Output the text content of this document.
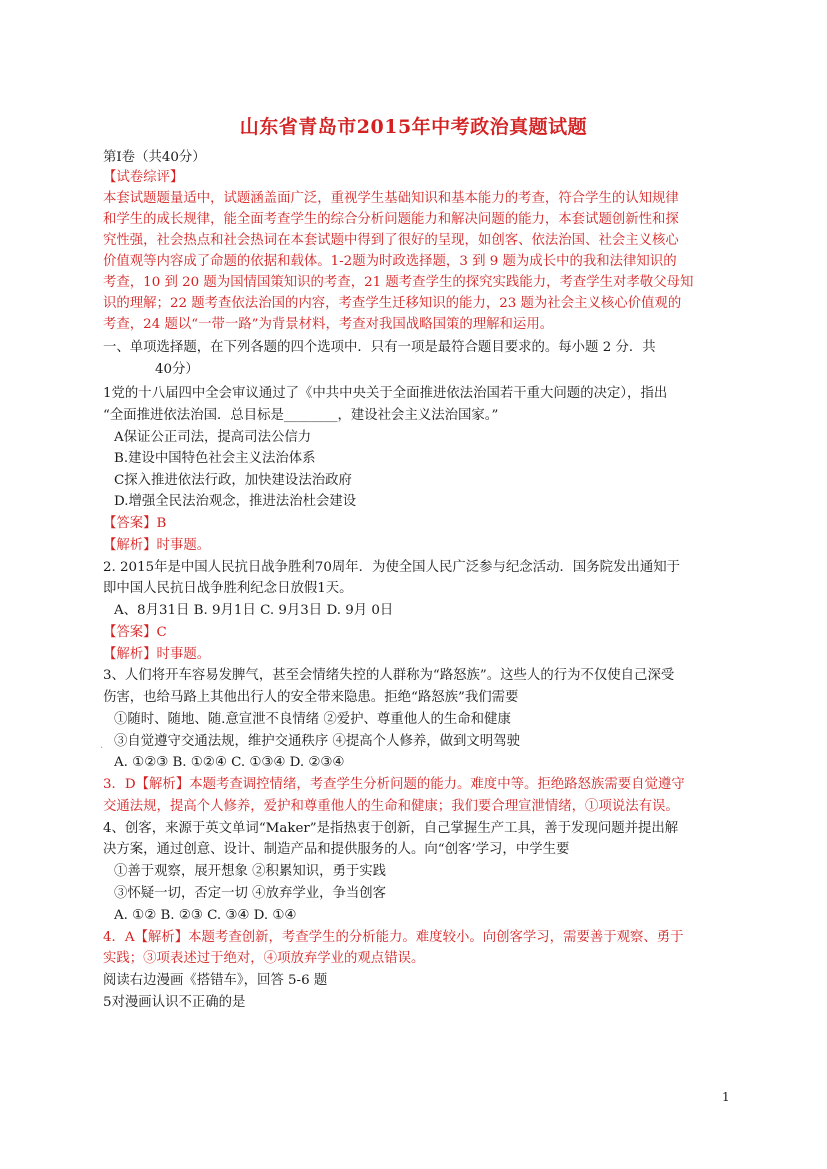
山东省青岛市2015年中考政治真题试题
第Ⅰ卷（共40分）
【试卷综评】
本套试题题量适中，试题涵盖面广泛，重视学生基础知识和基本能力的考查，符合学生的认知规律
和学生的成长规律，能全面考查学生的综合分析问题能力和解决问题的能力，本套试题创新性和探
究性强，社会热点和社会热词在本套试题中得到了很好的呈现，如创客、依法治国、社会主义核心
价值观等内容成了命题的依据和载体。1-2题为时政选择题，3 到 9 题为成长中的我和法律知识的
考查，10 到 20 题为国情国策知识的考查，21 题考查学生的探究实践能力，考查学生对孝敬父母知
识的理解；22 题考查依法治国的内容，考查学生迁移知识的能力，23 题为社会主义核心价值观的
考查，24 题以“一带一路”为背景材料，考查对我国战略国策的理解和运用。
一、单项选择题，在下列各题的四个选项中．只有一项是最符合题目要求的。每小题 2 分．共
40分）
1党的十八届四中全会审议通过了《中共中央关于全面推进依法治国若干重大问题的决定），指出
“全面推进依法治国．总目标是________，建设社会主义法治国家。”
A保证公正司法，提高司法公信力
B.建设中国特色社会主义法治体系
C探入推进依法行政，加快建设法治政府
D.增强全民法治观念，推进法治杜会建设
【答案】B
【解析】时事题。
2. 2015年是中国人民抗日战争胜利70周年．为使全国人民广泛参与纪念活动．国务院发出通知于
即中国人民抗日战争胜利纪念日放假1天。
A、8月31日 B. 9月1日 C. 9月3日 D. 9月 0日
【答案】C
【解析】时事题。
3、人们将开车容易发脾气，甚至会情绪失控的人群称为“路怒族”。这些人的行为不仅使自己深受
伤害，也给马路上其他出行人的安全带来隐患。拒绝“路怒族”我们需要
①随时、随地、随.意宣泄不良情绪 ②爱护、尊重他人的生命和健康
. ③自觉遵守交通法规，维护交通秩序 ④提高个人修养，做到文明驾驶
A. ①②③ B. ①②④ C. ①③④ D. ②③④
3．D【解析】本题考查调控情绪，考查学生分析问题的能力。难度中等。拒绝路怒族需要自觉遵守
交通法规，提高个人修养，爱护和尊重他人的生命和健康；我们要合理宣泄情绪，①项说法有误。
4、创客，来源于英文单词“Maker”是指热衷于创新，自己掌握生产工具，善于发现问题并提出解
决方案，通过创意、设计、制造产品和提供服务的人。向“创客’学习，中学生要
①善于观察，展开想象 ②积累知识，勇于实践
③怀疑一切，否定一切 ④放弃学业，争当创客
A. ①② B. ②③ C. ③④ D. ①④
4．A【解析】本题考查创新，考查学生的分析能力。难度较小。向创客学习，需要善于观察、勇于
实践；③项表述过于绝对，④项放弃学业的观点错误。
阅读右边漫画《搭错车》，回答 5-6 题
5对漫画认识不正确的是
1
